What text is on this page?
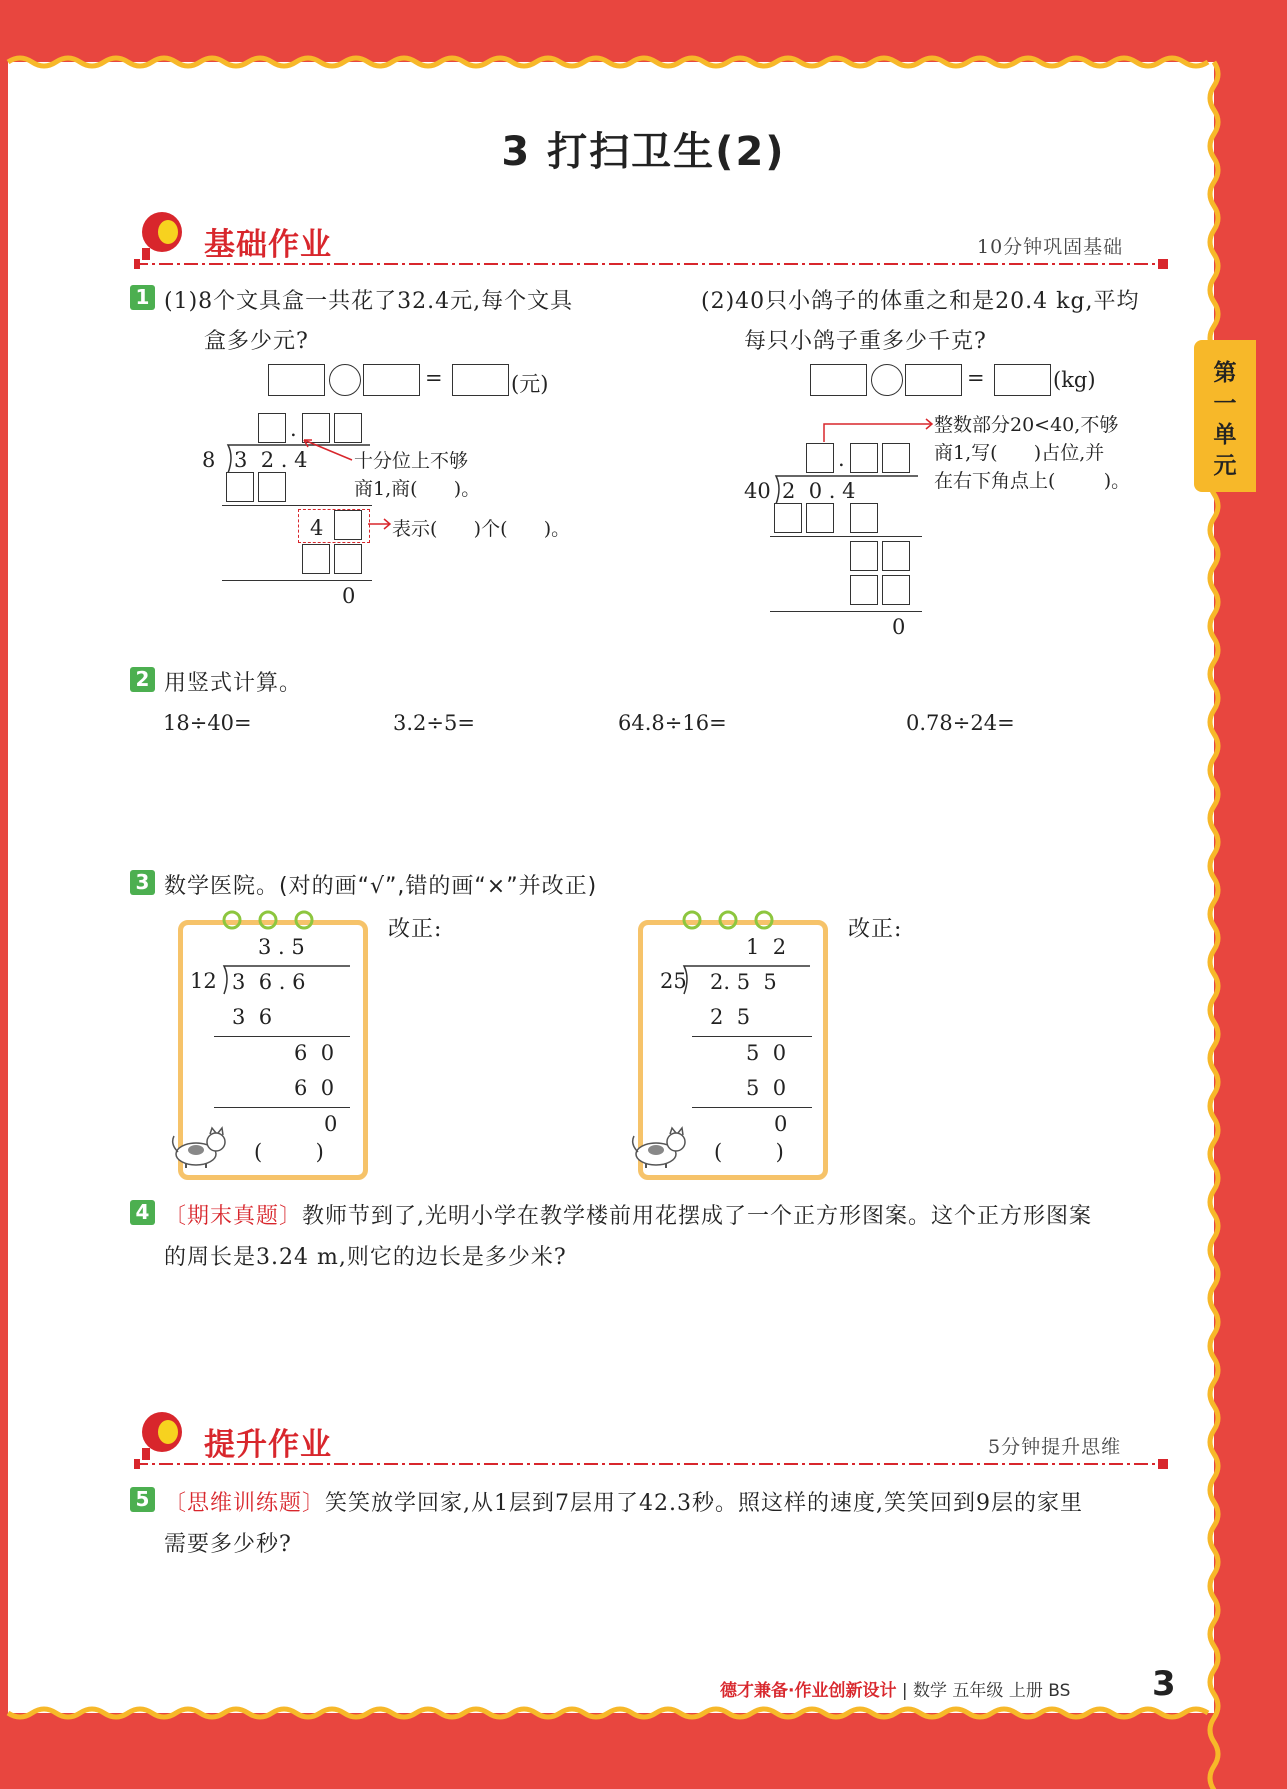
第一单元
3 打扫卫生(2)
基础作业	10分钟巩固基础
1 (1)8个文具盒一共花了32.4元,每个文具
盒多少元?
(2)40只小鸽子的体重之和是20.4 kg,平均
每只小鸽子重多少千克?
=	(元)
.
8 3  2 . 4 十分位上不够
商1,商(      )。
4	表示(      )个(      )。
0
=	(kg)
整数部分20<40,不够
商1,写(      )占位,并
在右下角点上(        )。
.
40 2  0 . 4
0
2 用竖式计算。
18÷40=	3.2÷5=	64.8÷16=	0.78÷24=
3 数学医院。(对的画“√”,错的画“×”并改正)
3 . 5
12 3  6 . 6
3  6
6  0
6  0
0
(        )
改正:
1  2
25 2. 5  5
2  5
5  0
5  0
0
(        )
改正:
4 〔期末真题〕教师节到了,光明小学在教学楼前用花摆成了一个正方形图案。这个正方形图案
的周长是3.24 m,则它的边长是多少米?
提升作业	5分钟提升思维
5 〔思维训练题〕笑笑放学回家,从1层到7层用了42.3秒。照这样的速度,笑笑回到9层的家里
需要多少秒?
德才兼备·作业创新设计 | 数学 五年级 上册 BS 3
